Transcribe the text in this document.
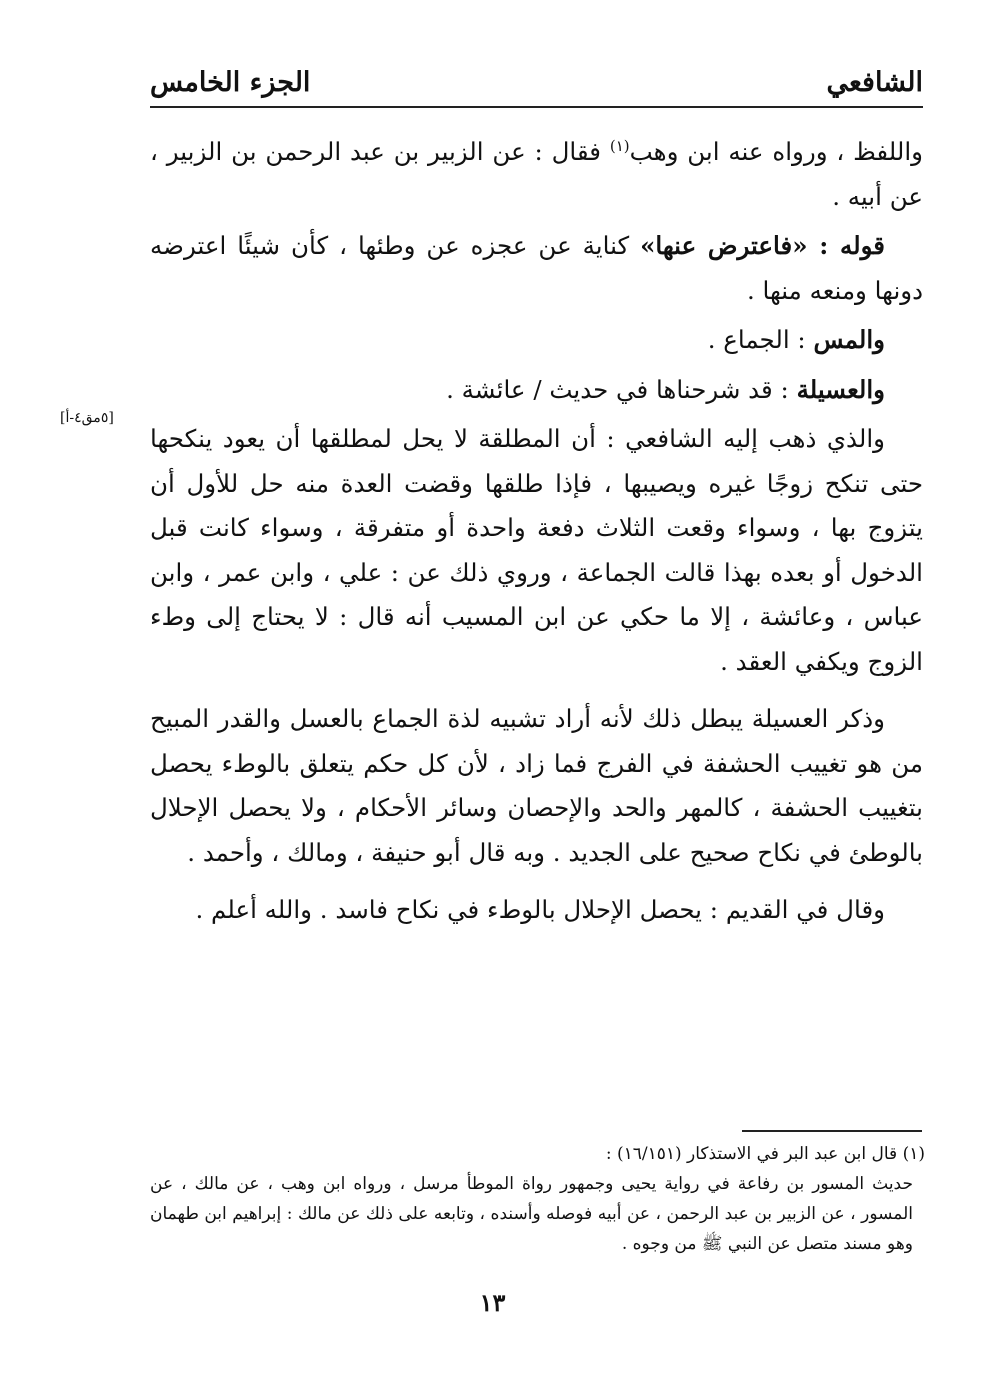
الشافعي
الجزء الخامس
[٥مق٤-أ]

واللفظ ، ورواه عنه ابن وهب$^{(١)}$ فقال : عن الزبير بن عبد الرحمن بن الزبير ، عن أبيه .

قوله : «فاعترض عنها» كناية عن عجزه عن وطئها ، كأن شيئًا اعترضه دونها ومنعه منها .

والمس : الجماع .

والعسيلة : قد شرحناها في حديث / عائشة .

والذي ذهب إليه الشافعي : أن المطلقة لا يحل لمطلقها أن يعود ينكحها حتى تنكح زوجًا غيره ويصيبها ، فإذا طلقها وقضت العدة منه حل للأول أن يتزوج بها ، وسواء وقعت الثلاث دفعة واحدة أو متفرقة ، وسواء كانت قبل الدخول أو بعده بهذا قالت الجماعة ، وروي ذلك عن : علي ، وابن عمر ، وابن عباس ، وعائشة ، إلا ما حكي عن ابن المسيب أنه قال : لا يحتاج إلى وطء الزوج ويكفي العقد .

وذكر العسيلة يبطل ذلك لأنه أراد تشبيه لذة الجماع بالعسل والقدر المبيح من هو تغييب الحشفة في الفرج فما زاد ، لأن كل حكم يتعلق بالوطء يحصل بتغييب الحشفة ، كالمهر والحد والإحصان وسائر الأحكام ، ولا يحصل الإحلال بالوطئ في نكاح صحيح على الجديد . وبه قال أبو حنيفة ، ومالك ، وأحمد .

وقال في القديم : يحصل الإحلال بالوطء في نكاح فاسد . والله أعلم .

(١) قال ابن عبد البر في الاستذكار (١٦/١٥١) :

حديث المسور بن رفاعة في رواية يحيى وجمهور رواة الموطأ مرسل ، ورواه ابن وهب ، عن مالك ، عن المسور ، عن الزبير بن عبد الرحمن ، عن أبيه فوصله وأسنده ، وتابعه على ذلك عن مالك : إبراهيم ابن طهمان وهو مسند متصل عن النبي ﷺ من وجوه .

١٣
